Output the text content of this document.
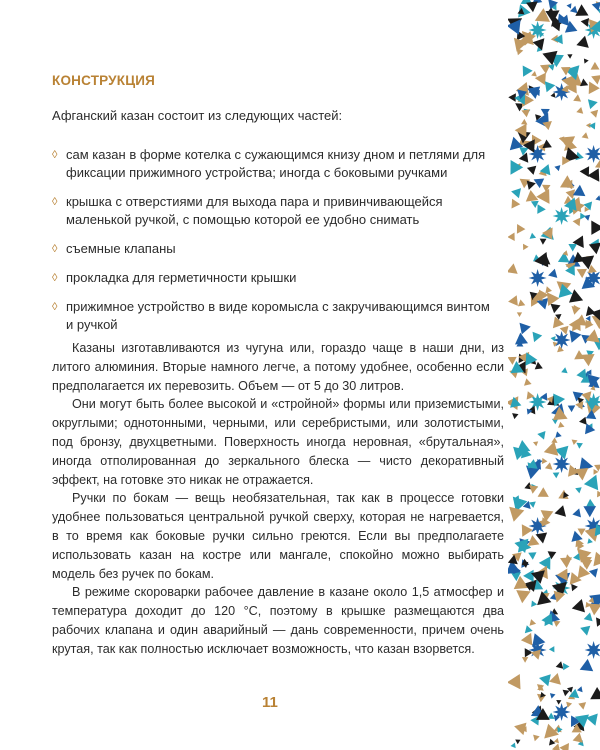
КОНСТРУКЦИЯ
Афганский казан состоит из следующих частей:
◊ сам казан в форме котелка с сужающимся книзу дном и петлями для
фиксации прижимного устройства; иногда с боковыми ручками
◊ крышка с отверстиями для выхода пара и привинчивающейся
маленькой ручкой, с помощью которой ее удобно снимать
◊ съемные клапаны
◊ прокладка для герметичности крышки
◊ прижимное устройство в виде коромысла с закручивающимся винтом
и ручкой

Казаны изготавливаются из чугуна или, гораздо чаще в наши дни, из литого алюминия. Вторые намного легче, а потому удобнее, особенно если предполагается их перевозить. Объем — от 5 до 30 литров.

Они могут быть более высокой и «стройной» формы или приземистыми, округлыми; однотонными, черными, или серебристыми, или золотистыми, под бронзу, двухцветными. Поверхность иногда неровная, «брутальная», иногда отполированная до зеркального блеска — чисто декоративный эффект, на готовке это никак не отражается.

Ручки по бокам — вещь необязательная, так как в процессе готовки удобнее пользоваться центральной ручкой сверху, которая не нагревается, в то время как боковые ручки сильно греются. Если вы предполагаете использовать казан на костре или мангале, спокойно можно выбирать модель без ручек по бокам.

В режиме скороварки рабочее давление в казане около 1,5 атмосфер и температура доходит до 120 °C, поэтому в крышке размещаются два рабочих клапана и один аварийный — дань современности, причем очень крутая, так как полностью исключает возможность, что казан взорвется.

11
